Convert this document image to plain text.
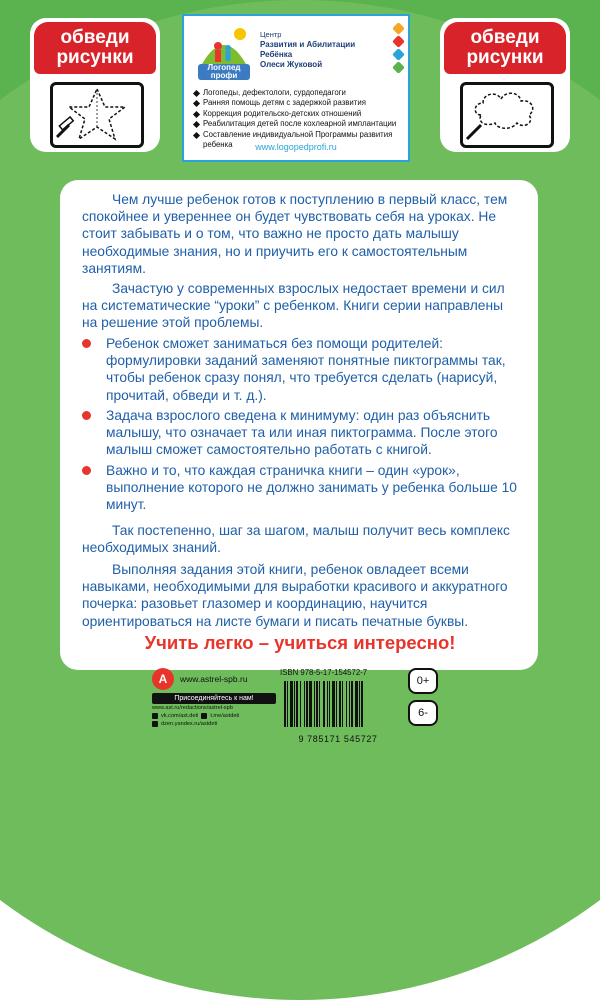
обведи
рисунки
обведи
рисунки
Логопед
профи
Центр
Развития и Абилитации Ребёнка
Олеси Жуковой
Логопеды, дефектологи, сурдопедагоги
Ранняя помощь детям с задержкой развития
Коррекция родительско-детских отношений
Реабилитация детей после кохлеарной имплантации
Составление индивидуальной Программы развития ребенка	www.logopedprofi.ru

Чем лучше ребенок готов к поступлению в первый класс, тем спокойнее и увереннее он будет чувствовать себя на уроках. Не стоит забывать и о том, что важно не просто дать малышу необходимые знания, но и приучить его к самостоятельным занятиям.

Зачастую у современных взрослых недостает времени и сил на систематические “уроки” с ребенком. Книги серии направлены на решение этой проблемы.

Ребенок сможет заниматься без помощи родителей: формулировки заданий заменяют понятные пиктограммы так, чтобы ребенок сразу понял, что требуется сделать (нарисуй, прочитай, обведи и т. д.).

Задача взрослого сведена к минимуму: один раз объяснить малышу, что означает та или иная пиктограмма. После этого малыш сможет самостоятельно работать с книгой.

Важно и то, что каждая страничка книги – один «урок», выполнение которого не должно занимать у ребенка больше 10 минут.

Так постепенно, шаг за шагом, малыш получит весь комплекс необходимых знаний.

Выполняя задания этой книги, ребенок овладеет всеми навыками, необходимыми для выработки красивого и аккуратного почерка: разовьет глазомер и координацию, научится ориентироваться на листе бумаги и писать печатные буквы.

Учить легко – учиться интересно!
A	www.astrel-spb.ru
Присоединяйтесь к нам!
www.ast.ru/redactions/astrel-spb
vk.com/ast.deti t.me/astdeti
dzen.yandex.ru/astdeti
ISBN 978-5-17-154572-7
9 785171 545727
0+
6-
